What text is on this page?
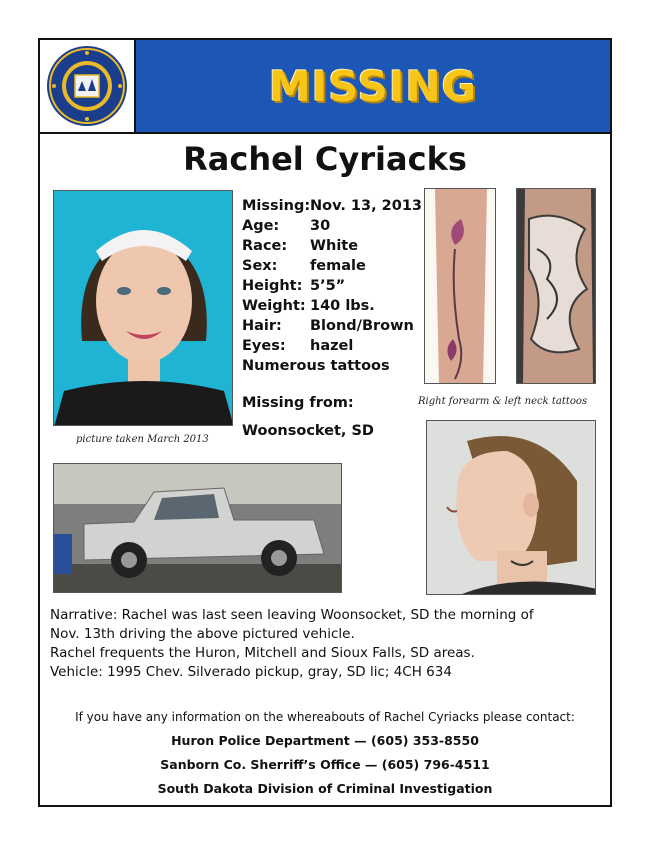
MISSING
Rachel Cyriacks
picture taken March 2013
Missing: Nov. 13, 2013
Age:	30
Race:	White
Sex:	female
Height: 5’5”
Weight: 140 lbs.
Hair:	Blond/Brown
Eyes:	hazel
Numerous tattoos
Missing from:
Woonsocket, SD
Right forearm & left neck tattoos
Narrative: Rachel was last seen leaving Woonsocket, SD the morning of
Nov. 13th driving the above pictured vehicle.
Rachel frequents the Huron, Mitchell and Sioux Falls, SD areas.
Vehicle: 1995 Chev. Silverado pickup, gray, SD lic; 4CH 634
If you have any information on the whereabouts of Rachel Cyriacks please contact:
Huron Police Department — (605) 353-8550
Sanborn Co. Sherriff’s Office — (605) 796-4511
South Dakota Division of Criminal Investigation
